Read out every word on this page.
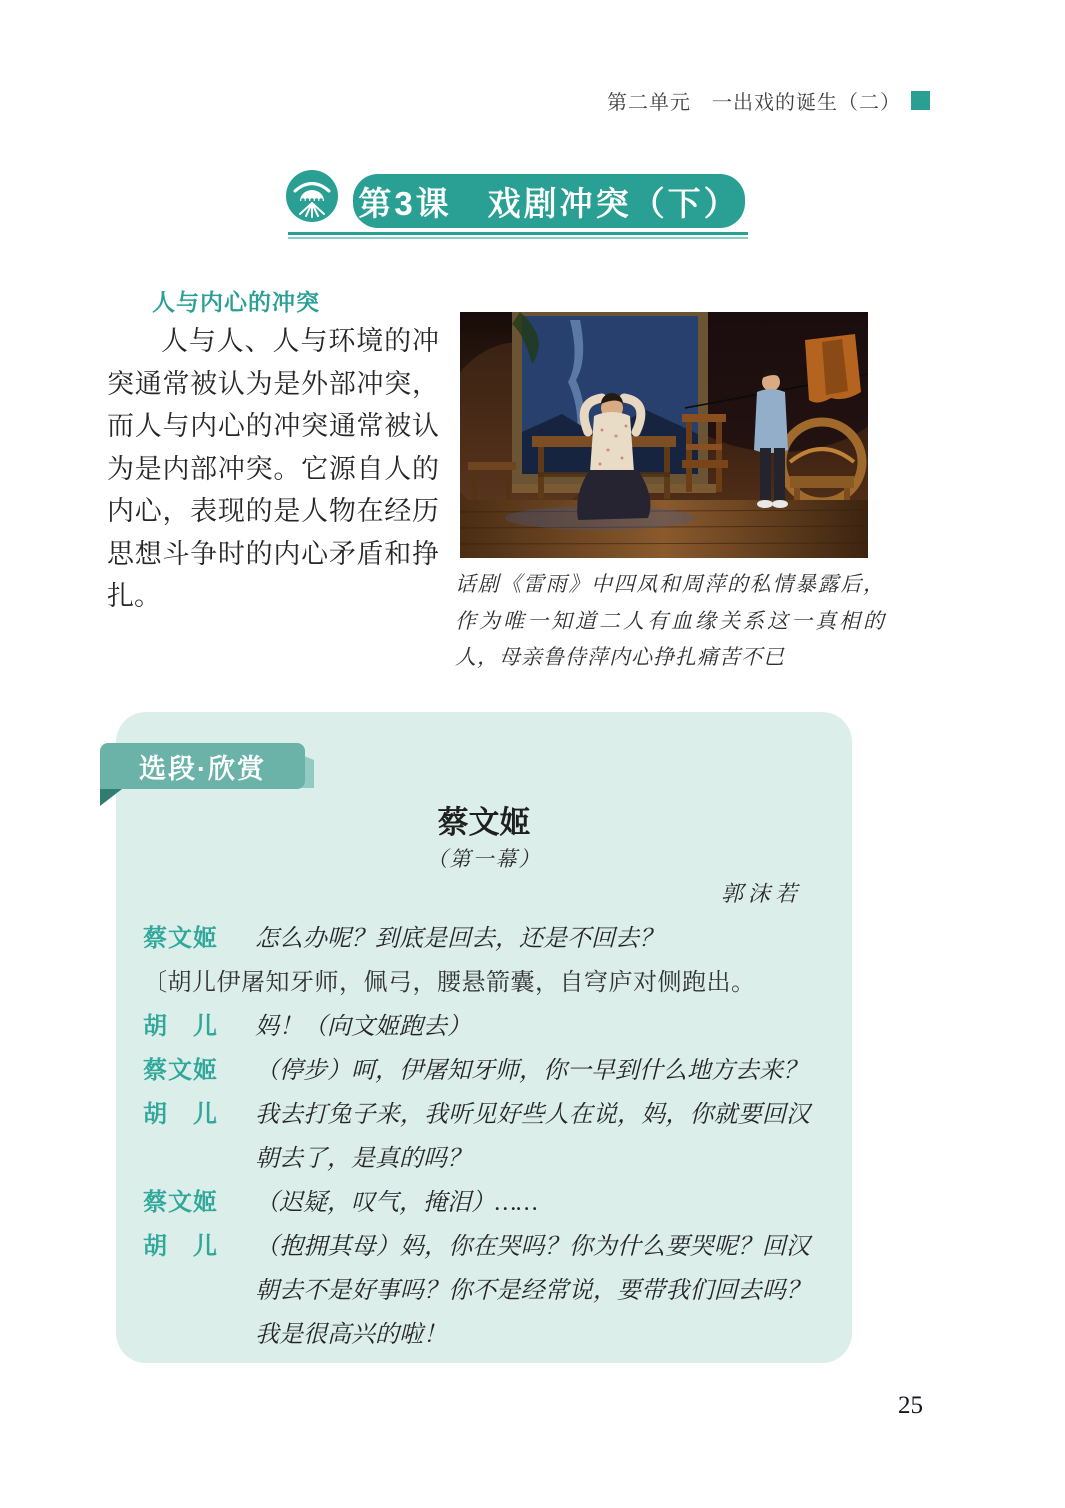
第二单元　一出戏的诞生（二）
第3课　戏剧冲突（下）
人与内心的冲突
人与人、人与环境的冲突通常被认为是外部冲突，而人与内心的冲突通常被认为是内部冲突。它源自人的内心，表现的是人物在经历思想斗争时的内心矛盾和挣扎。	话剧《雷雨》中四凤和周萍的私情暴露后，作为唯一知道二人有血缘关系这一真相的人，母亲鲁侍萍内心挣扎痛苦不已
选段·欣赏
蔡文姬
（第一幕）
郭沫若
蔡文姬	怎么办呢？到底是回去，还是不回去？
〔胡儿伊屠知牙师，佩弓，腰悬箭囊，自穹庐对侧跑出。
胡　儿	妈！（向文姬跑去）
蔡文姬	（停步）呵，伊屠知牙师，你一早到什么地方去来？
胡　儿	我去打兔子来，我听见好些人在说，妈，你就要回汉朝去了，是真的吗？
蔡文姬	（迟疑，叹气，掩泪）……
胡　儿	（抱拥其母）妈，你在哭吗？你为什么要哭呢？回汉朝去不是好事吗？你不是经常说，要带我们回去吗？我是很高兴的啦！
25
